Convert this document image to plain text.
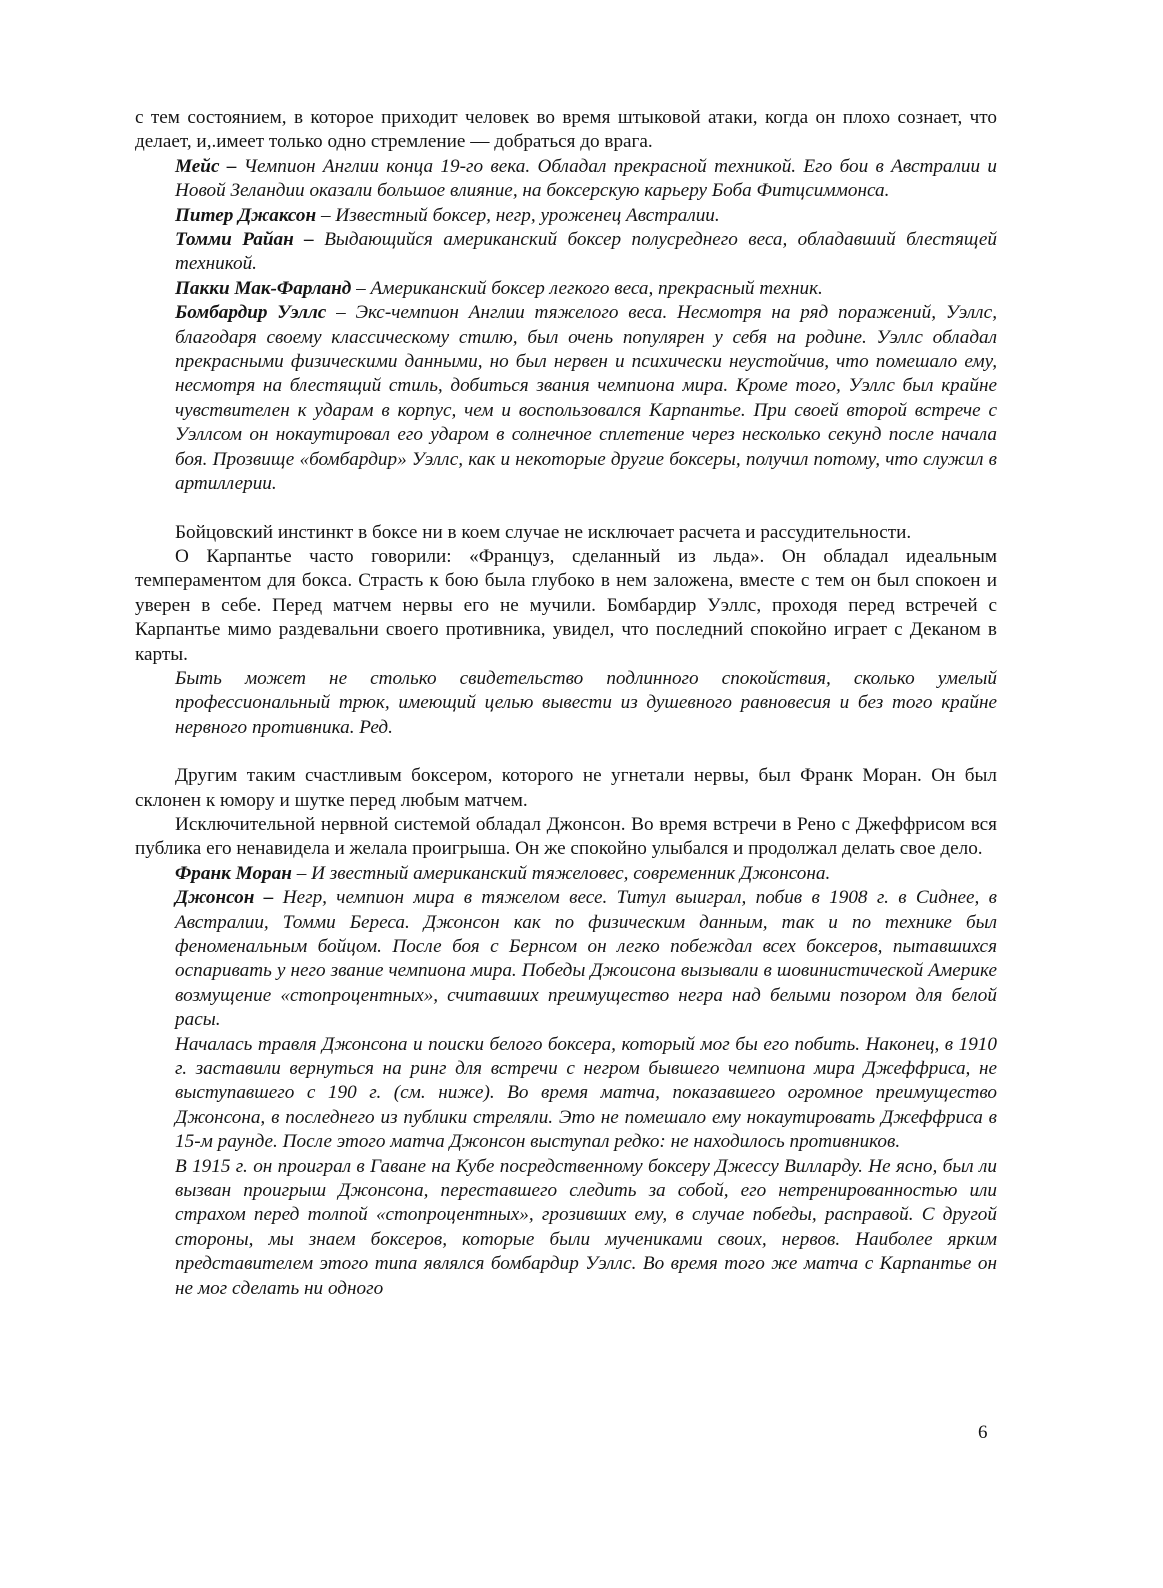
с тем состоянием, в которое приходит человек во время штыковой атаки, когда он плохо сознает, что делает, и,.имеет только одно стремление — добраться до врага.

Мейс – Чемпион Англии конца 19-го века. Обладал прекрасной техникой. Его бои в Австралии и Новой Зеландии оказали большое влияние, на боксерскую карьеру Боба Фитцсиммонса.

Питер Джаксон – Известный боксер, негр, уроженец Австралии.

Томми Райан – Выдающийся американский боксер полусреднего веса, обладавший блестящей техникой.

Пакки Мак-Фарланд – Американский боксер легкого веса, прекрасный техник.

Бомбардир Уэллс – Экс-чемпион Англии тяжелого веса. Несмотря на ряд поражений, Уэллс, благодаря своему классическому стилю, был очень популярен у себя на родине. Уэллс обладал прекрасными физическими данными, но был нервен и психически неустойчив, что помешало ему, несмотря на блестящий стиль, добиться звания чемпиона мира. Кроме того, Уэллс был крайне чувствителен к ударам в корпус, чем и воспользовался Карпантье. При своей второй встрече с Уэллсом он нокаутировал его ударом в солнечное сплетение через несколько секунд после начала боя. Прозвище «бомбардир» Уэллс, как и некоторые другие боксеры, получил потому, что служил в артиллерии.

Бойцовский инстинкт в боксе ни в коем случае не исключает расчета и рассудительности.

О Карпантье часто говорили: «Француз, сделанный из льда». Он обладал идеальным темпераментом для бокса. Страсть к бою была глубоко в нем заложена, вместе с тем он был спокоен и уверен в себе. Перед матчем нервы его не мучили. Бомбардир Уэллс, проходя перед встречей с Карпантье мимо раздевальни своего противника, увидел, что последний спокойно играет с Деканом в карты.

Быть может не столько свидетельство подлинного спокойствия, сколько умелый профессиональный трюк, имеющий целью вывести из душевного равновесия и без того крайне нервного противника. Ред.

Другим таким счастливым боксером, которого не угнетали нервы, был Франк Моран. Он был склонен к юмору и шутке перед любым матчем.

Исключительной нервной системой обладал Джонсон. Во время встречи в Рено с Джеффрисом вся публика его ненавидела и желала проигрыша. Он же спокойно улыбался и продолжал делать свое дело.

Франк Моран – И звестный американский тяжеловес, современник Джонсона.

Джонсон – Негр, чемпион мира в тяжелом весе. Титул выиграл, побив в 1908 г. в Сиднее, в Австралии, Томми Береса. Джонсон как по физическим данным, так и по технике был феноменальным бойцом. После боя с Бернсом он легко побеждал всех боксеров, пытавшихся оспаривать у него звание чемпиона мира. Победы Джоисона вызывали в шовинистической Америке возмущение «стопроцентных», считавших преимущество негра над белыми позором для белой расы.

Началась травля Джонсона и поиски белого боксера, который мог бы его побить. Наконец, в 1910 г. заставили вернуться на ринг для встречи с негром бывшего чемпиона мира Джеффриса, не выступавшего с 190 г. (см. ниже). Во время матча, показавшего огромное преимущество Джонсона, в последнего из публики стреляли. Это не помешало ему нокаутировать Джеффриса в 15-м раунде. После этого матча Джонсон выступал редко: не находилось противников.

В 1915 г. он проиграл в Гаване на Кубе посредственному боксеру Джессу Вилларду. Не ясно, был ли вызван проигрыш Джонсона, переставшего следить за собой, его нетренированностью или страхом перед толпой «стопроцентных», грозивших ему, в случае победы, расправой. С другой стороны, мы знаем боксеров, которые были мучениками своих, нервов. Наиболее ярким представителем этого типа являлся бомбардир Уэллс. Во время того же матча с Карпантье он не мог сделать ни одного

6
